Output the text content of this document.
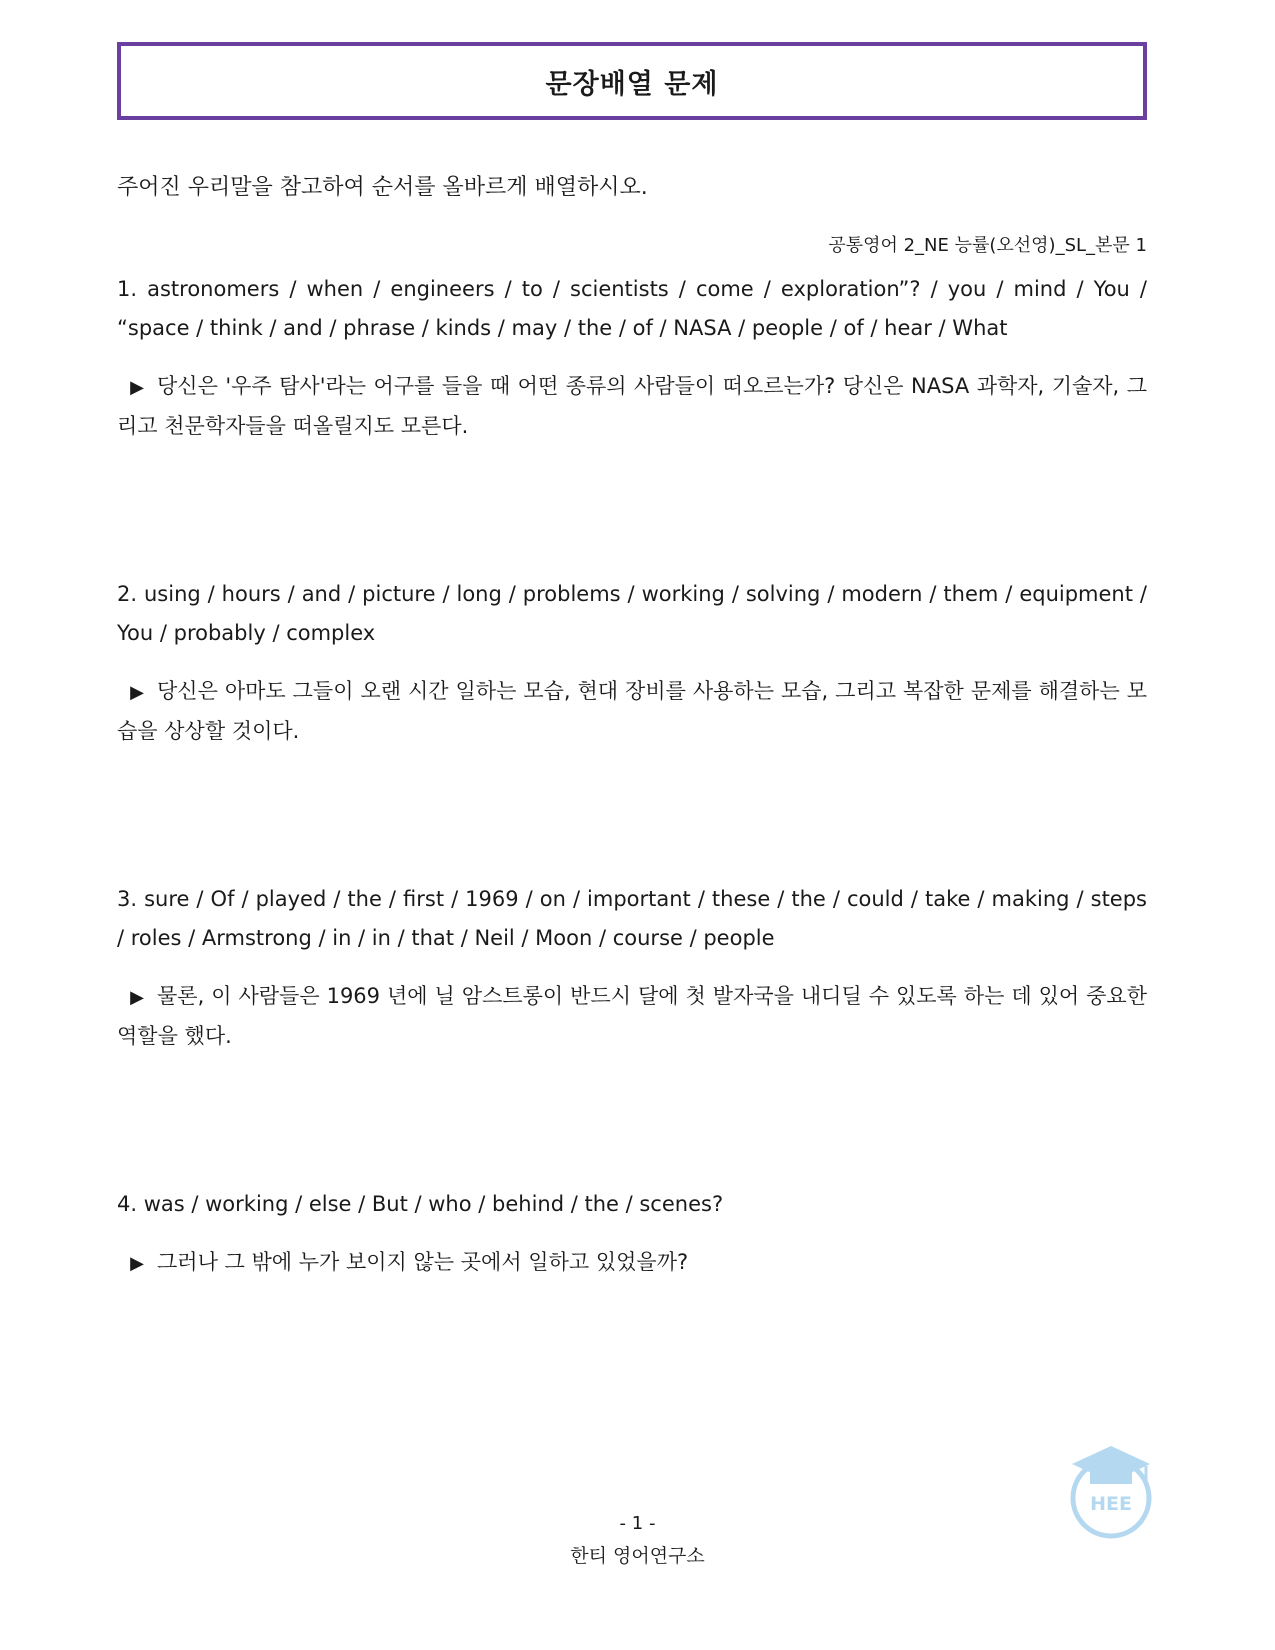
문장배열 문제
주어진 우리말을 참고하여 순서를 올바르게 배열하시오.
공통영어 2_NE 능률(오선영)_SL_본문 1

1. astronomers / when / engineers / to / scientists / come / exploration”? / you / mind / You / “space / think / and / phrase / kinds / may / the / of / NASA / people / of / hear / What

▶ 당신은 '우주 탐사'라는 어구를 들을 때 어떤 종류의 사람들이 떠오르는가? 당신은 NASA 과학자, 기술자, 그리고 천문학자들을 떠올릴지도 모른다.

2. using / hours / and / picture / long / problems / working / solving / modern / them / equipment / You / probably / complex

▶ 당신은 아마도 그들이 오랜 시간 일하는 모습, 현대 장비를 사용하는 모습, 그리고 복잡한 문제를 해결하는 모습을 상상할 것이다.

3. sure / Of / played / the / first / 1969 / on / important / these / the / could / take / making / steps / roles / Armstrong / in / in / that / Neil / Moon / course / people

▶ 물론, 이 사람들은 1969 년에 닐 암스트롱이 반드시 달에 첫 발자국을 내디딜 수 있도록 하는 데 있어 중요한 역할을 했다.

4. was / working / else / But / who / behind / the / scenes?

▶ 그러나 그 밖에 누가 보이지 않는 곳에서 일하고 있었을까?

- 1 -
한티 영어연구소
HEE
